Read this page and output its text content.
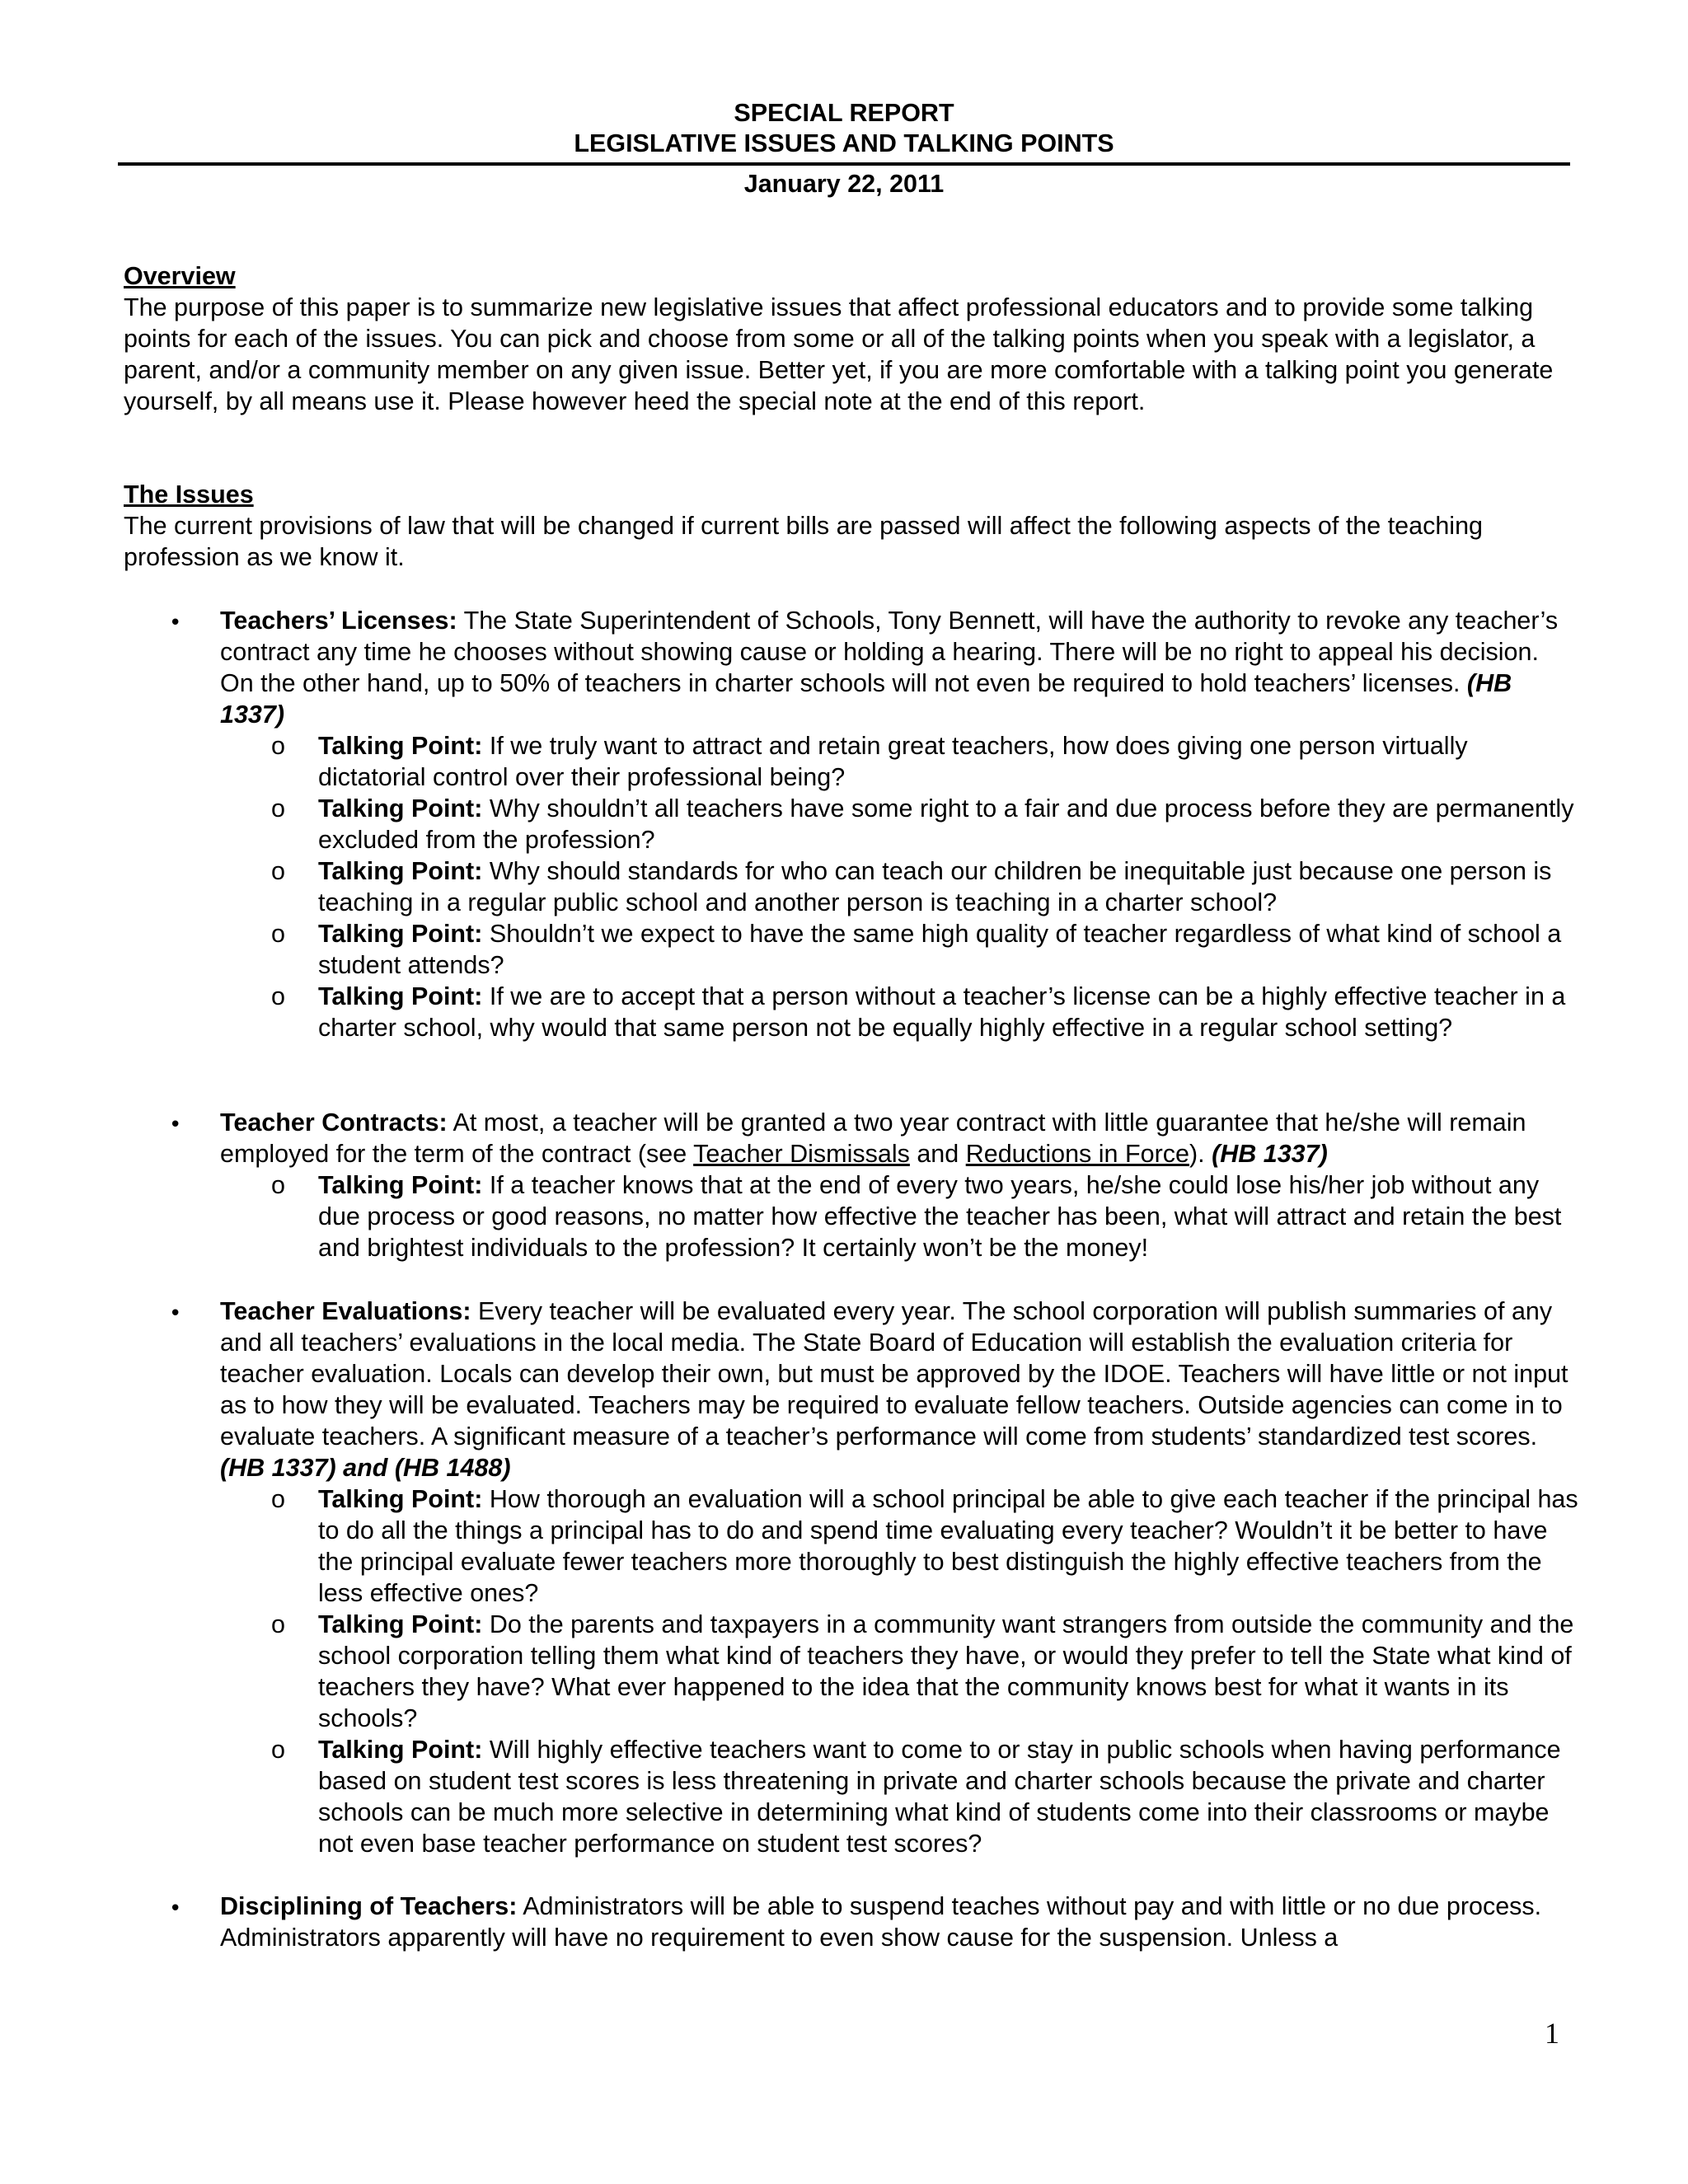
SPECIAL REPORT
LEGISLATIVE ISSUES AND TALKING POINTS
January 22, 2011
Overview

The purpose of this paper is to summarize new legislative issues that affect professional educators and to provide some talking points for each of the issues. You can pick and choose from some or all of the talking points when you speak with a legislator, a parent, and/or a community member on any given issue. Better yet, if you are more comfortable with a talking point you generate yourself, by all means use it. Please however heed the special note at the end of this report.

The Issues

The current provisions of law that will be changed if current bills are passed will affect the following aspects of the teaching profession as we know it.

• Teachers’ Licenses: The State Superintendent of Schools, Tony Bennett, will have the authority to revoke any teacher’s contract any time he chooses without showing cause or holding a hearing. There will be no right to appeal his decision. On the other hand, up to 50% of teachers in charter schools will not even be required to hold teachers’ licenses. (HB 1337)

o Talking Point: If we truly want to attract and retain great teachers, how does giving one person virtually dictatorial control over their professional being?

o Talking Point: Why shouldn’t all teachers have some right to a fair and due process before they are permanently excluded from the profession?

o Talking Point: Why should standards for who can teach our children be inequitable just because one person is teaching in a regular public school and another person is teaching in a charter school?

o Talking Point: Shouldn’t we expect to have the same high quality of teacher regardless of what kind of school a student attends?

o Talking Point: If we are to accept that a person without a teacher’s license can be a highly effective teacher in a charter school, why would that same person not be equally highly effective in a regular school setting?

• Teacher Contracts: At most, a teacher will be granted a two year contract with little guarantee that he/she will remain employed for the term of the contract (see Teacher Dismissals and Reductions in Force). (HB 1337)

o Talking Point: If a teacher knows that at the end of every two years, he/she could lose his/her job without any due process or good reasons, no matter how effective the teacher has been, what will attract and retain the best and brightest individuals to the profession? It certainly won’t be the money!

• Teacher Evaluations: Every teacher will be evaluated every year. The school corporation will publish summaries of any and all teachers’ evaluations in the local media. The State Board of Education will establish the evaluation criteria for teacher evaluation. Locals can develop their own, but must be approved by the IDOE. Teachers will have little or not input as to how they will be evaluated. Teachers may be required to evaluate fellow teachers. Outside agencies can come in to evaluate teachers. A significant measure of a teacher’s performance will come from students’ standardized test scores. (HB 1337) and (HB 1488)

o Talking Point: How thorough an evaluation will a school principal be able to give each teacher if the principal has to do all the things a principal has to do and spend time evaluating every teacher? Wouldn’t it be better to have the principal evaluate fewer teachers more thoroughly to best distinguish the highly effective teachers from the less effective ones?

o Talking Point: Do the parents and taxpayers in a community want strangers from outside the community and the school corporation telling them what kind of teachers they have, or would they prefer to tell the State what kind of teachers they have? What ever happened to the idea that the community knows best for what it wants in its schools?

o Talking Point: Will highly effective teachers want to come to or stay in public schools when having performance based on student test scores is less threatening in private and charter schools because the private and charter schools can be much more selective in determining what kind of students come into their classrooms or maybe not even base teacher performance on student test scores?

• Disciplining of Teachers: Administrators will be able to suspend teaches without pay and with little or no due process. Administrators apparently will have no requirement to even show cause for the suspension. Unless a

1
